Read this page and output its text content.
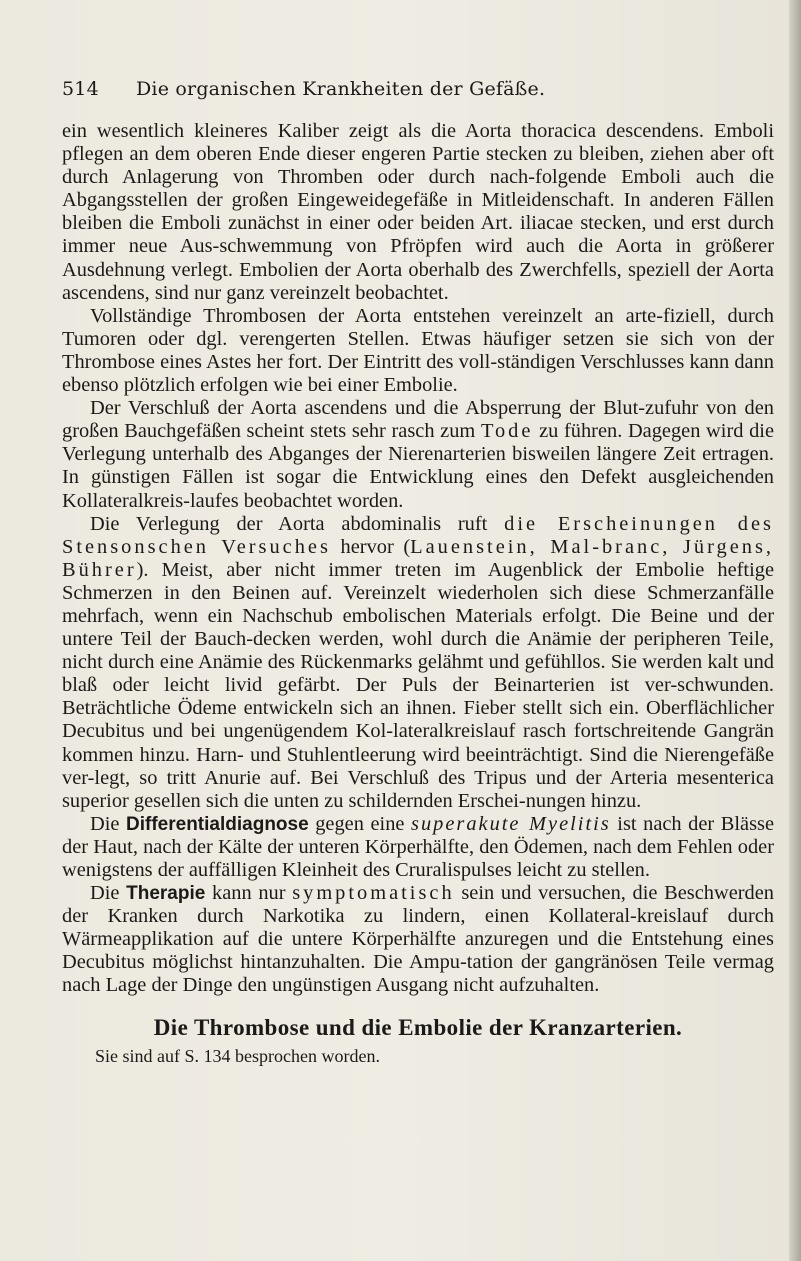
514 Die organischen Krankheiten der Gefäße.

ein wesentlich kleineres Kaliber zeigt als die Aorta thoracica descendens. Emboli pflegen an dem oberen Ende dieser engeren Partie stecken zu bleiben, ziehen aber oft durch Anlagerung von Thromben oder durch nach-folgende Emboli auch die Abgangsstellen der großen Eingeweidegefäße in Mitleidenschaft. In anderen Fällen bleiben die Emboli zunächst in einer oder beiden Art. iliacae stecken, und erst durch immer neue Aus-schwemmung von Pfröpfen wird auch die Aorta in größerer Ausdehnung verlegt. Embolien der Aorta oberhalb des Zwerchfells, speziell der Aorta ascendens, sind nur ganz vereinzelt beobachtet.

Vollständige Thrombosen der Aorta entstehen vereinzelt an arte-fiziell, durch Tumoren oder dgl. verengerten Stellen. Etwas häufiger setzen sie sich von der Thrombose eines Astes her fort. Der Eintritt des voll-ständigen Verschlusses kann dann ebenso plötzlich erfolgen wie bei einer Embolie.

Der Verschluß der Aorta ascendens und die Absperrung der Blut-zufuhr von den großen Bauchgefäßen scheint stets sehr rasch zum Tode zu führen. Dagegen wird die Verlegung unterhalb des Abganges der Nierenarterien bisweilen längere Zeit ertragen. In günstigen Fällen ist sogar die Entwicklung eines den Defekt ausgleichenden Kollateralkreis-laufes beobachtet worden.

Die Verlegung der Aorta abdominalis ruft die Erscheinungen des Stensonschen Versuches hervor (Lauenstein, Mal-branc, Jürgens, Bührer). Meist, aber nicht immer treten im Augenblick der Embolie heftige Schmerzen in den Beinen auf. Vereinzelt wiederholen sich diese Schmerzanfälle mehrfach, wenn ein Nachschub embolischen Materials erfolgt. Die Beine und der untere Teil der Bauch-decken werden, wohl durch die Anämie der peripheren Teile, nicht durch eine Anämie des Rückenmarks gelähmt und gefühllos. Sie werden kalt und blaß oder leicht livid gefärbt. Der Puls der Beinarterien ist ver-schwunden. Beträchtliche Ödeme entwickeln sich an ihnen. Fieber stellt sich ein. Oberflächlicher Decubitus und bei ungenügendem Kol-lateralkreislauf rasch fortschreitende Gangrän kommen hinzu. Harn- und Stuhlentleerung wird beeinträchtigt. Sind die Nierengefäße ver-legt, so tritt Anurie auf. Bei Verschluß des Tripus und der Arteria mesenterica superior gesellen sich die unten zu schildernden Erschei-nungen hinzu.

Die Differentialdiagnose gegen eine superakute Myelitis ist nach der Blässe der Haut, nach der Kälte der unteren Körperhälfte, den Ödemen, nach dem Fehlen oder wenigstens der auffälligen Kleinheit des Cruralispulses leicht zu stellen.

Die Therapie kann nur symptomatisch sein und versuchen, die Beschwerden der Kranken durch Narkotika zu lindern, einen Kollateral-kreislauf durch Wärmeapplikation auf die untere Körperhälfte anzuregen und die Entstehung eines Decubitus möglichst hintanzuhalten. Die Ampu-tation der gangränösen Teile vermag nach Lage der Dinge den ungünstigen Ausgang nicht aufzuhalten.

Die Thrombose und die Embolie der Kranzarterien.
Sie sind auf S. 134 besprochen worden.
